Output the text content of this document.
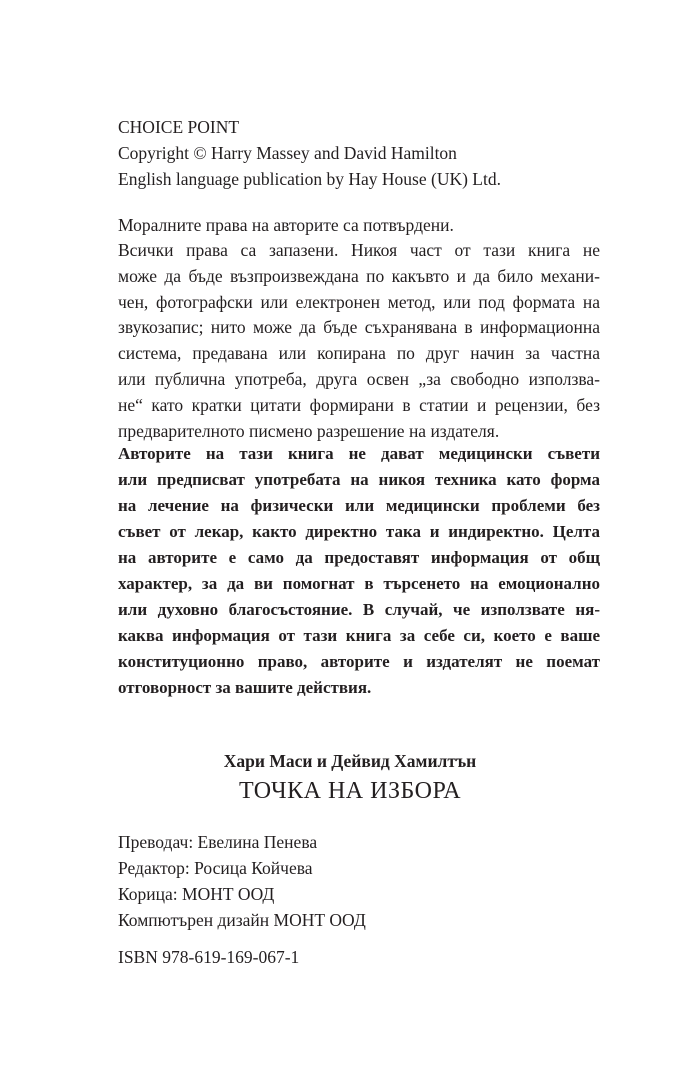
CHOICE POINT
Copyright © Harry Massey and David Hamilton
English language publication by Hay House (UK) Ltd.
Моралните права на авторите са потвърдени.
Всички права са запазени. Никоя част от тази книга не
може да бъде възпроизвеждана по какъвто и да било механи-
чен, фотографски или електронен метод, или под формата на
звукозапис; нито може да бъде съхранявана в информационна
система, предавана или копирана по друг начин за частна
или публична употреба, друга освен „за свободно използва-
не“ като кратки цитати формирани в статии и рецензии, без
предварителното писмено разрешение на издателя.
Авторите на тази книга не дават медицински съвети
или предписват употребата на никоя техника като форма
на лечение на физически или медицински проблеми без
съвет от лекар, както директно така и индиректно. Целта
на авторите е само да предоставят информация от общ
характер, за да ви помогнат в търсенето на емоционално
или духовно благосъстояние. В случай, че използвате ня-
каква информация от тази книга за себе си, което е ваше
конституционно право, авторите и издателят не поемат
отговорност за вашите действия.
Хари Маси и Дейвид Хамилтън
ТОЧКА НА ИЗБОРА
Преводач: Евелина Пенева
Редактор: Росица Койчева
Корица: МОНТ ООД
Компютърен дизайн МОНТ ООД
ISBN 978-619-169-067-1
